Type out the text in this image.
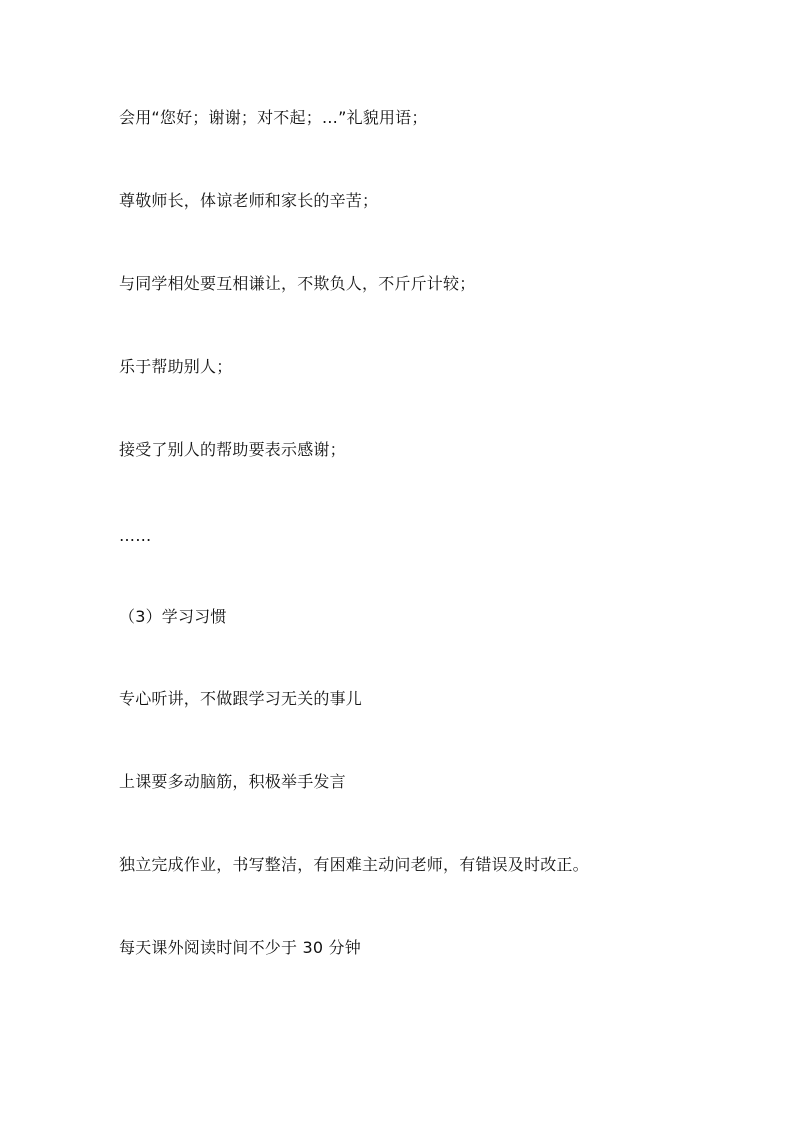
会用“您好；谢谢；对不起；…”礼貌用语；
尊敬师长，体谅老师和家长的辛苦；
与同学相处要互相谦让，不欺负人，不斤斤计较；
乐于帮助别人；
接受了别人的帮助要表示感谢；
……
（3）学习习惯
专心听讲，不做跟学习无关的事儿
上课要多动脑筋，积极举手发言
独立完成作业，书写整洁，有困难主动问老师，有错误及时改正。
每天课外阅读时间不少于 30 分钟
